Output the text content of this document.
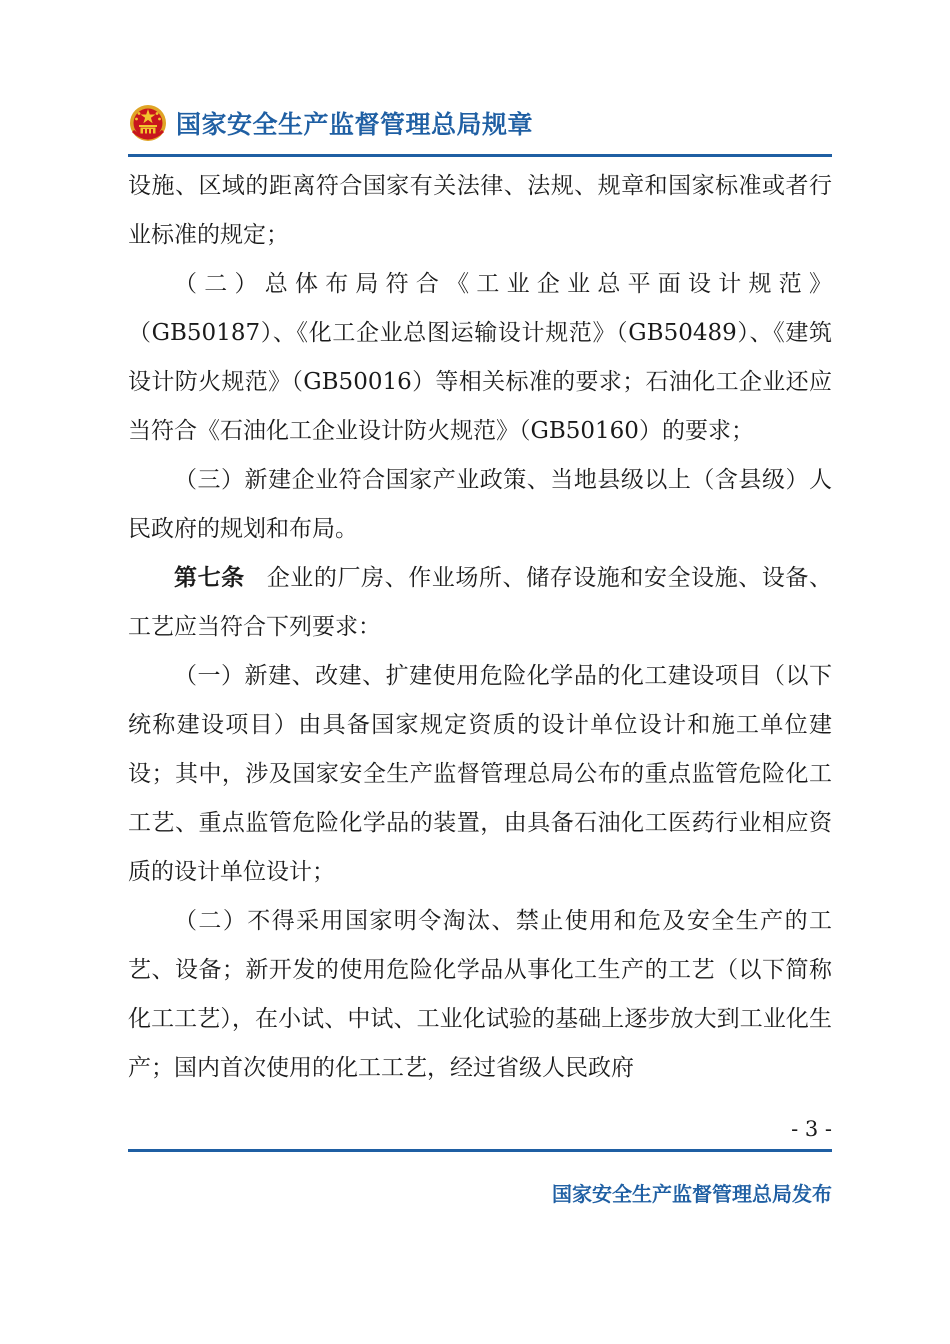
国家安全生产监督管理总局规章

设施、区域的距离符合国家有关法律、法规、规章和国家标准或者行业标准的规定；

（二）总体布局符合《工业企业总平面设计规范》（GB50187）、《化工企业总图运输设计规范》（GB50489）、《建筑设计防火规范》（GB50016）等相关标准的要求；石油化工企业还应当符合《石油化工企业设计防火规范》（GB50160）的要求；

（三）新建企业符合国家产业政策、当地县级以上（含县级）人民政府的规划和布局。

第七条 企业的厂房、作业场所、储存设施和安全设施、设备、工艺应当符合下列要求：

（一）新建、改建、扩建使用危险化学品的化工建设项目（以下统称建设项目）由具备国家规定资质的设计单位设计和施工单位建设；其中，涉及国家安全生产监督管理总局公布的重点监管危险化工工艺、重点监管危险化学品的装置，由具备石油化工医药行业相应资质的设计单位设计；

（二）不得采用国家明令淘汰、禁止使用和危及安全生产的工艺、设备；新开发的使用危险化学品从事化工生产的工艺（以下简称化工工艺），在小试、中试、工业化试验的基础上逐步放大到工业化生产；国内首次使用的化工工艺，经过省级人民政府

- 3 -
国家安全生产监督管理总局发布
